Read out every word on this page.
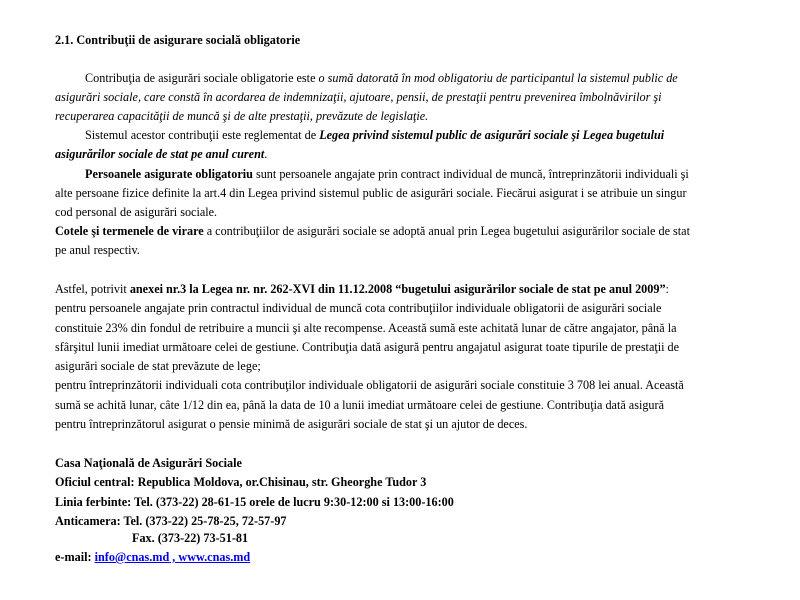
2.1. Contribuţii de asigurare socială obligatorie
Contribuţia de asigurări sociale obligatorie este o sumă datorată în mod obligatoriu de participantul la sistemul public de
asigurări sociale, care constă în acordarea de indemnizaţii, ajutoare, pensii, de prestaţii pentru prevenirea îmbolnăvirilor şi
recuperarea capacităţii de muncă şi de alte prestaţii, prevăzute de legislaţie.
Sistemul acestor contribuţii este reglementat de Legea privind sistemul public de asigurări sociale şi Legea bugetului
asigurărilor sociale de stat pe anul curent.
Persoanele asigurate obligatoriu sunt persoanele angajate prin contract individual de muncă, întreprinzătorii individuali şi
alte persoane fizice definite la art.4 din Legea privind sistemul public de asigurări sociale. Fiecărui asigurat i se atribuie un singur
cod personal de asigurări sociale.
Cotele şi termenele de virare a contribuţiilor de asigurări sociale se adoptă anual prin Legea bugetului asigurărilor sociale de stat
pe anul respectiv.
Astfel, potrivit anexei nr.3 la Legea nr. nr. 262-XVI din 11.12.2008 “bugetului asigurărilor sociale de stat pe anul 2009”:
pentru persoanele angajate prin contractul individual de muncă cota contribuţiilor individuale obligatorii de asigurări sociale
constituie 23% din fondul de retribuire a muncii şi alte recompense. Această sumă este achitată lunar de către angajator, până la
sfârşitul lunii imediat următoare celei de gestiune. Contribuţia dată asigură pentru angajatul asigurat toate tipurile de prestaţii de
asigurări sociale de stat prevăzute de lege;
pentru întreprinzătorii individuali cota contribuţilor individuale obligatorii de asigurări sociale constituie 3 708 lei anual. Această
sumă se achită lunar, câte 1/12 din ea, până la data de 10 a lunii imediat următoare celei de gestiune. Contribuţia dată asigură
pentru întreprinzătorul asigurat o pensie minimă de asigurări sociale de stat şi un ajutor de deces.
Casa Naţională de Asigurări Sociale
Oficiul central: Republica Moldova, or.Chisinau, str. Gheorghe Tudor 3
Linia ferbinte: Tel. (373-22) 28-61-15 orele de lucru 9:30-12:00 si 13:00-16:00
Anticamera: Tel. (373-22) 25-78-25, 72-57-97
Fax. (373-22) 73-51-81
e-mail: info@cnas.md , www.cnas.md
